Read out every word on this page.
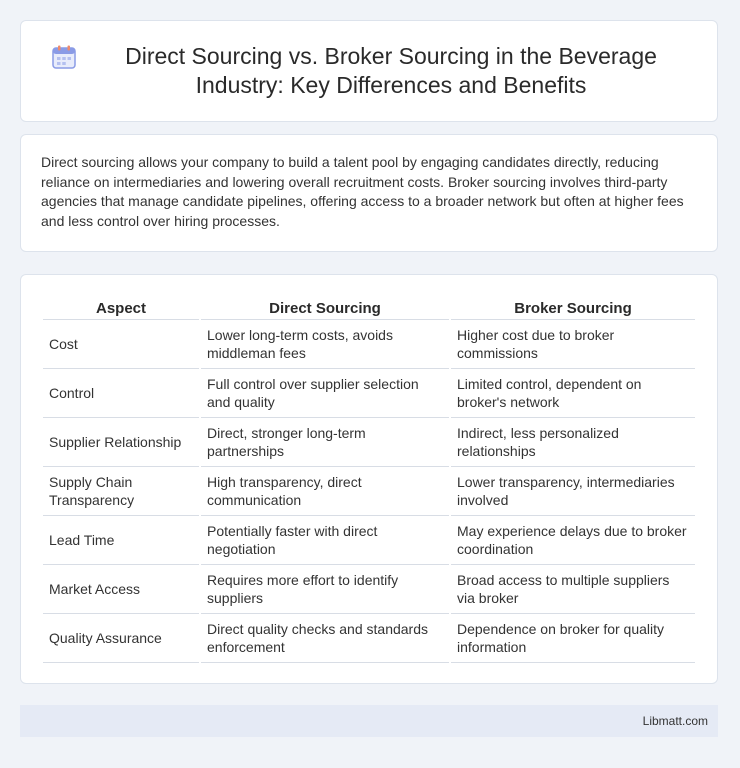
Direct Sourcing vs. Broker Sourcing in the Beverage Industry: Key Differences and Benefits

Direct sourcing allows your company to build a talent pool by engaging candidates directly, reducing reliance on intermediaries and lowering overall recruitment costs. Broker sourcing involves third-party agencies that manage candidate pipelines, offering access to a broader network but often at higher fees and less control over hiring processes.

Aspect	Direct Sourcing	Broker Sourcing
Cost	Lower long-term costs, avoids middleman fees	Higher cost due to broker commissions
Control	Full control over supplier selection and quality	Limited control, dependent on broker's network
Supplier Relationship	Direct, stronger long-term partnerships	Indirect, less personalized relationships
Supply Chain Transparency	High transparency, direct communication	Lower transparency, intermediaries involved
Lead Time	Potentially faster with direct negotiation	May experience delays due to broker coordination
Market Access	Requires more effort to identify suppliers	Broad access to multiple suppliers via broker
Quality Assurance	Direct quality checks and standards enforcement	Dependence on broker for quality information
Libmatt.com
